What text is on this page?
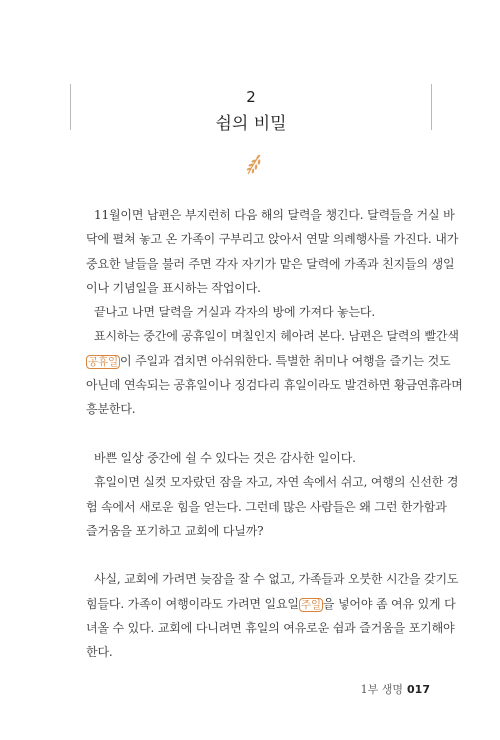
2
쉼의 비밀
11월이면 남편은 부지런히 다음 해의 달력을 챙긴다. 달력들을 거실 바
닥에 펼쳐 놓고 온 가족이 구부리고 앉아서 연말 의례행사를 가진다. 내가
중요한 날들을 불러 주면 각자 자기가 맡은 달력에 가족과 친지들의 생일
이나 기념일을 표시하는 작업이다.
끝나고 나면 달력을 거실과 각자의 방에 가져다 놓는다.
표시하는 중간에 공휴일이 며칠인지 헤아려 본다. 남편은 달력의 빨간색
공휴일 이 주일과 겹치면 아쉬워한다. 특별한 취미나 여행을 즐기는 것도
아닌데 연속되는 공휴일이나 징검다리 휴일이라도 발견하면 황금연휴라며
흥분한다.
바쁜 일상 중간에 쉴 수 있다는 것은 감사한 일이다.
휴일이면 실컷 모자랐던 잠을 자고, 자연 속에서 쉬고, 여행의 신선한 경
험 속에서 새로운 힘을 얻는다. 그런데 많은 사람들은 왜 그런 한가함과
즐거움을 포기하고 교회에 다닐까?
사실, 교회에 가려면 늦잠을 잘 수 없고, 가족들과 오붓한 시간을 갖기도
힘들다. 가족이 여행이라도 가려면 일요일 주일 을 넣어야 좀 여유 있게 다
녀올 수 있다. 교회에 다니려면 휴일의 여유로운 쉼과 즐거움을 포기해야
한다.
1부 생명 017
